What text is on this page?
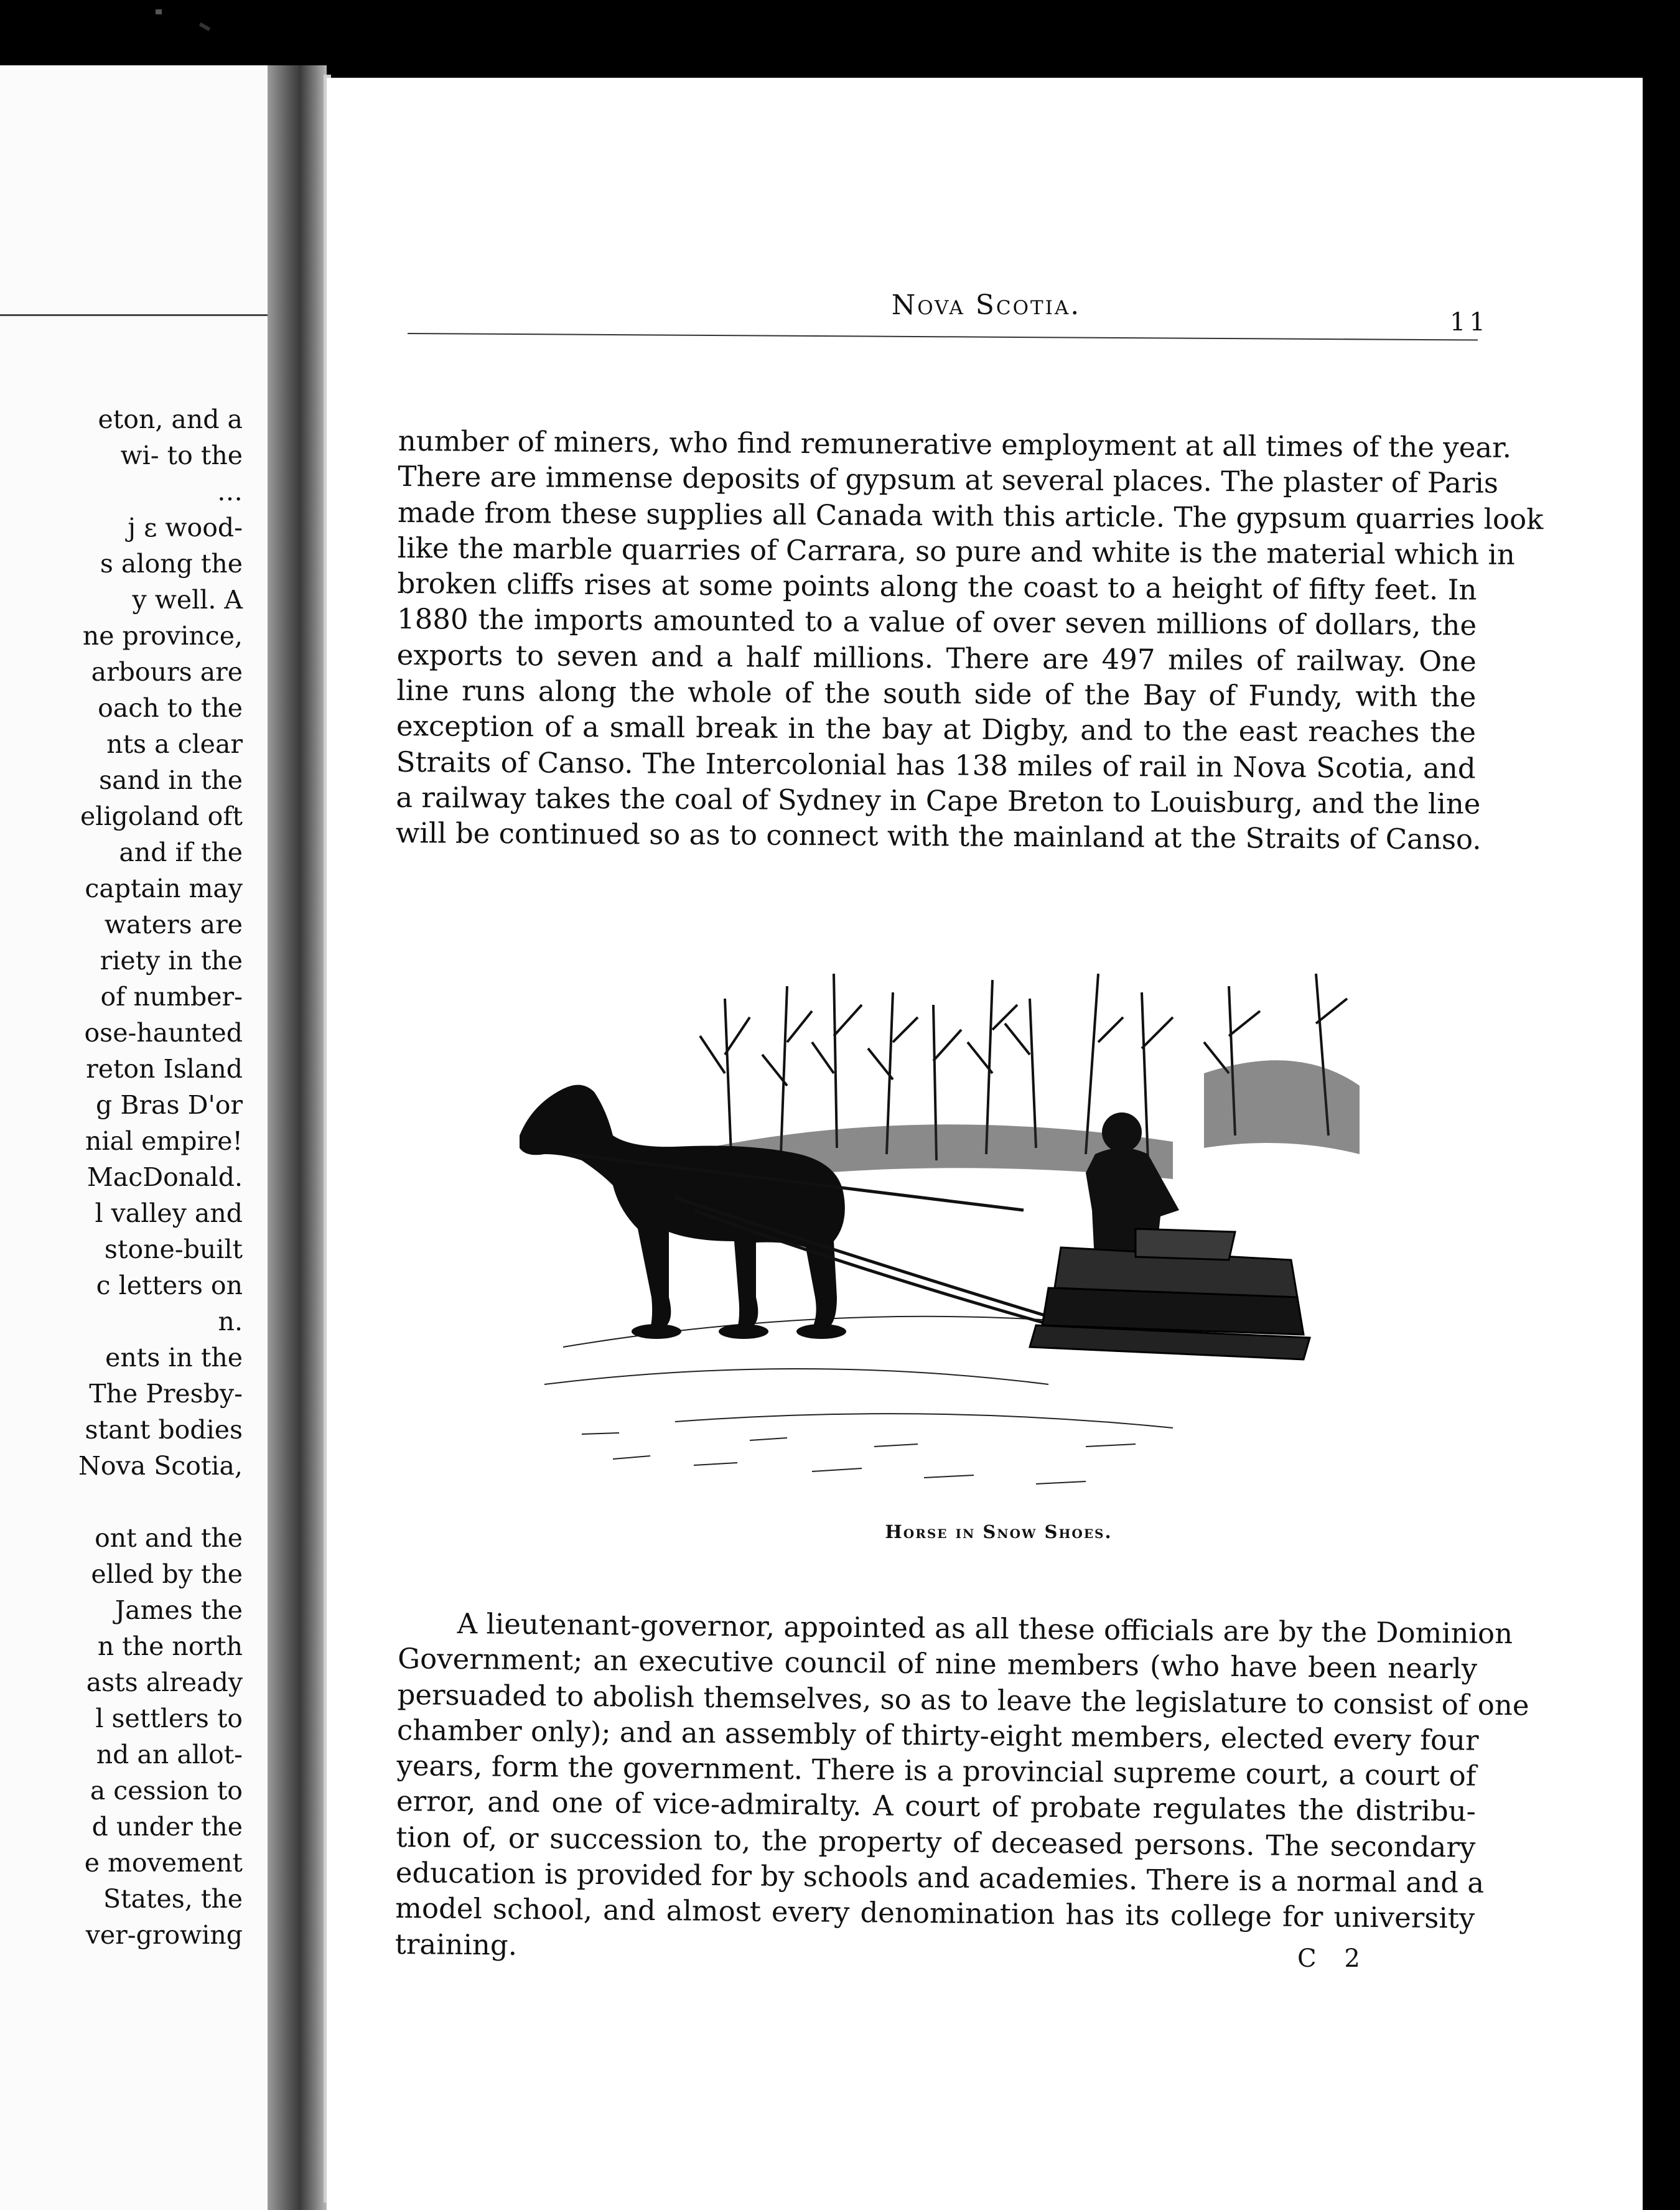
eton, and a
wi- to the
…
j ɛ wood-
s along the
y well. A
ne province,
arbours are
oach to the
nts a clear
sand in the
eligoland oft
and if the
captain may
waters are
riety in the
of number-
ose-haunted
reton Island
g Bras D'or
nial empire!
MacDonald.
l valley and
stone-built
c letters on
n.
ents in the
The Presby-
stant bodies
Nova Scotia,
ont and the
elled by the
James the
n the north
asts already
l settlers to
nd an allot-
a cession to
d under the
e movement
States, the
ver-growing
Nova Scotia.
11
number of miners, who find remunerative employment at all times of the year.
There are immense deposits of gypsum at several places. The plaster of Paris
made from these supplies all Canada with this article. The gypsum quarries look
like the marble quarries of Carrara, so pure and white is the material which in
broken cliffs rises at some points along the coast to a height of fifty feet. In
1880 the imports amounted to a value of over seven millions of dollars, the
exports to seven and a half millions. There are 497 miles of railway. One
line runs along the whole of the south side of the Bay of Fundy, with the
exception of a small break in the bay at Digby, and to the east reaches the
Straits of Canso. The Intercolonial has 138 miles of rail in Nova Scotia, and
a railway takes the coal of Sydney in Cape Breton to Louisburg, and the line
will be continued so as to connect with the mainland at the Straits of Canso.
Horse in Snow Shoes.
A lieutenant-governor, appointed as all these officials are by the Dominion
Government; an executive council of nine members (who have been nearly
persuaded to abolish themselves, so as to leave the legislature to consist of one
chamber only); and an assembly of thirty-eight members, elected every four
years, form the government. There is a provincial supreme court, a court of
error, and one of vice-admiralty. A court of probate regulates the distribu-
tion of, or succession to, the property of deceased persons. The secondary
education is provided for by schools and academies. There is a normal and a
model school, and almost every denomination has its college for university
training.	C 2
